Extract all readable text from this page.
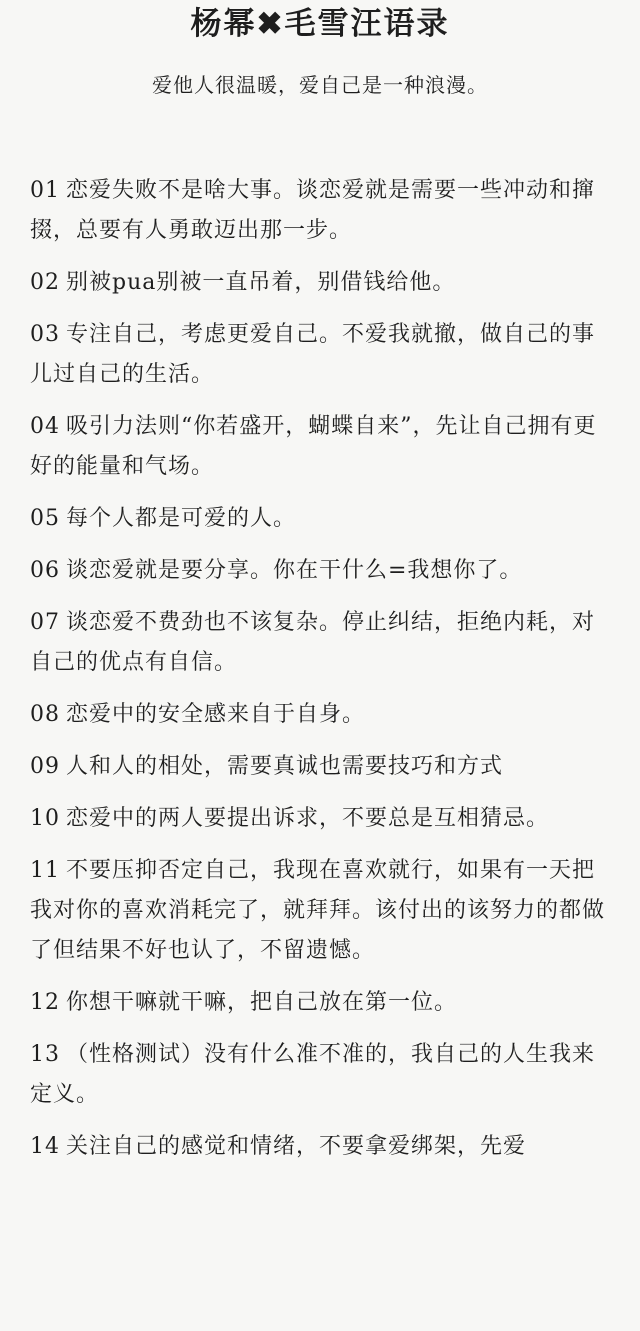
杨幂✖毛雪汪语录
爱他人很温暖，爱自己是一种浪漫。
01 恋爱失败不是啥大事。谈恋爱就是需要一些冲动和撺掇，总要有人勇敢迈出那一步。
02 别被pua别被一直吊着，别借钱给他。
03 专注自己，考虑更爱自己。不爱我就撤，做自己的事儿过自己的生活。
04 吸引力法则“你若盛开，蝴蝶自来”，先让自己拥有更好的能量和气场。
05 每个人都是可爱的人。
06 谈恋爱就是要分享。你在干什么=我想你了。
07 谈恋爱不费劲也不该复杂。停止纠结，拒绝内耗，对自己的优点有自信。
08 恋爱中的安全感来自于自身。
09 人和人的相处，需要真诚也需要技巧和方式
10 恋爱中的两人要提出诉求，不要总是互相猜忌。
11 不要压抑否定自己，我现在喜欢就行，如果有一天把我对你的喜欢消耗完了，就拜拜。该付出的该努力的都做了但结果不好也认了，不留遗憾。
12 你想干嘛就干嘛，把自己放在第一位。
13 （性格测试）没有什么准不准的，我自己的人生我来定义。
14 关注自己的感觉和情绪，不要拿爱绑架，先爱
